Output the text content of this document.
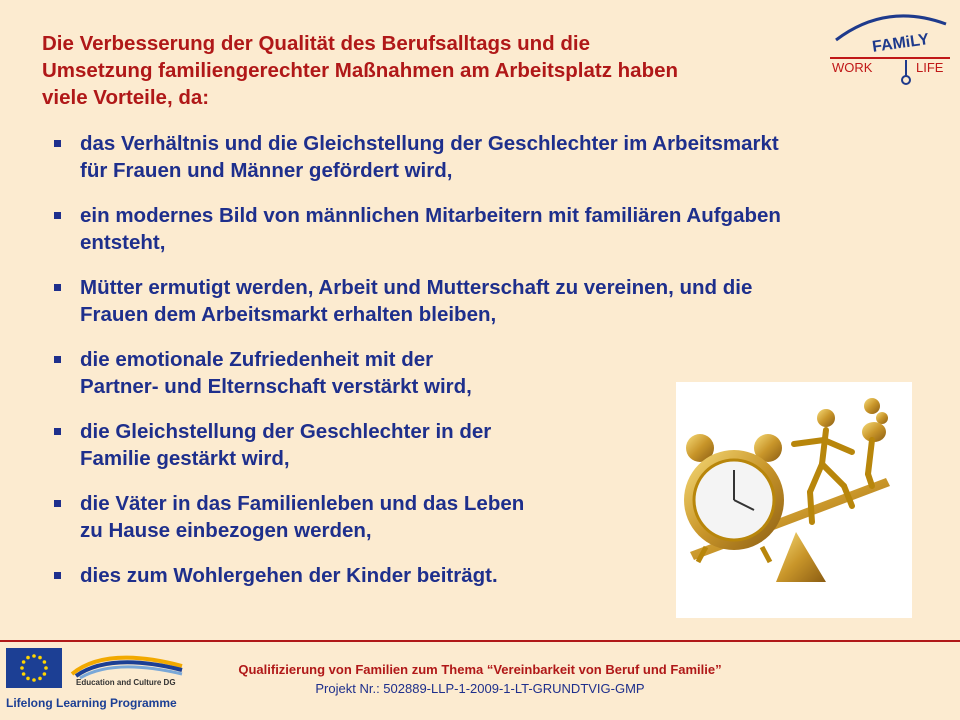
Die Verbesserung der Qualität des Berufsalltags und die
Umsetzung familiengerechter Maßnahmen am Arbeitsplatz haben
viele Vorteile, da:
FAMiLY
WORK	LIFE
das Verhältnis und die Gleichstellung der Geschlechter im Arbeitsmarkt
für Frauen und Männer gefördert wird,
ein modernes Bild von männlichen Mitarbeitern mit familiären Aufgaben
entsteht,
Mütter ermutigt werden, Arbeit und Mutterschaft zu vereinen, und die
Frauen dem Arbeitsmarkt erhalten bleiben,
die emotionale Zufriedenheit mit der
Partner- und Elternschaft verstärkt wird,
die Gleichstellung der Geschlechter in der
Familie gestärkt wird,
die Väter in das Familienleben und das Leben
zu Hause einbezogen werden,
dies zum Wohlergehen der Kinder beiträgt.
Education and Culture DG
Lifelong Learning Programme
Qualifizierung von Familien zum Thema “Vereinbarkeit von Beruf und Familie”
Projekt Nr.: 502889-LLP-1-2009-1-LT-GRUNDTVIG-GMP
